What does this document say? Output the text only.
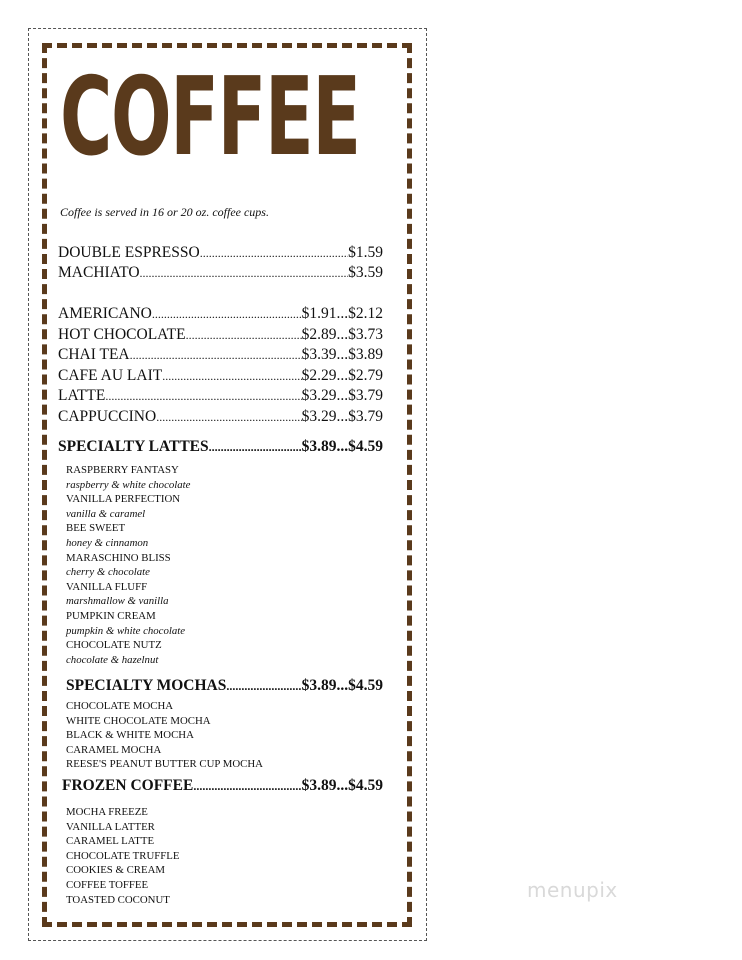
COFFEE
Coffee is served in 16 or 20 oz. coffee cups.
DOUBLE ESPRESSO .....	$1.59
MACHIATO .....	$3.59
AMERICANO .....	$1.91...$2.12
HOT CHOCOLATE .....	$2.89...$3.73
CHAI TEA .....	$3.39...$3.89
CAFE AU LAIT .....	$2.29...$2.79
LATTE .....	$3.29...$3.79
CAPPUCCINO .....	$3.29...$3.79
SPECIALTY LATTES .....	$3.89...$4.59
RASPBERRY FANTASY
raspberry & white chocolate
VANILLA PERFECTION
vanilla & caramel
BEE SWEET
honey & cinnamon
MARASCHINO BLISS
cherry & chocolate
VANILLA FLUFF
marshmallow & vanilla
PUMPKIN CREAM
pumpkin & white chocolate
CHOCOLATE NUTZ
chocolate & hazelnut
SPECIALTY MOCHAS .....	$3.89...$4.59
CHOCOLATE MOCHA
WHITE CHOCOLATE MOCHA
BLACK & WHITE MOCHA
CARAMEL MOCHA
REESE'S PEANUT BUTTER CUP MOCHA
FROZEN COFFEE .....	$3.89...$4.59
MOCHA FREEZE
VANILLA LATTER
CARAMEL LATTE
CHOCOLATE TRUFFLE
COOKIES & CREAM
COFFEE TOFFEE
TOASTED COCONUT	menupix
